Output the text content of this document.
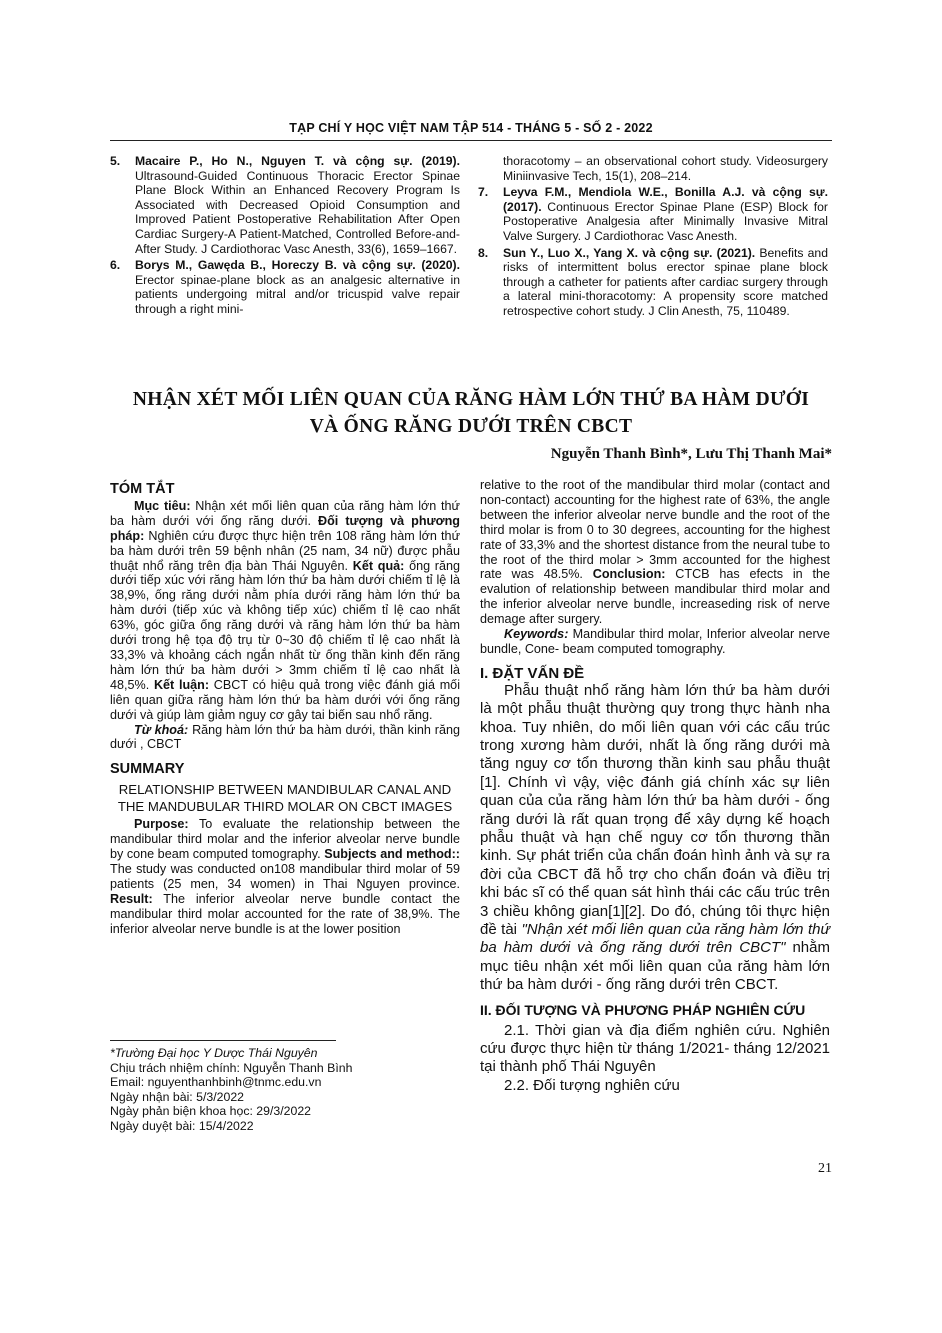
TẠP CHÍ Y HỌC VIỆT NAM TẬP 514 - THÁNG 5 - SỐ 2 - 2022
5.	Macaire P., Ho N., Nguyen T. và cộng sự. (2019). Ultrasound-Guided Continuous Thoracic Erector Spinae Plane Block Within an Enhanced Recovery Program Is Associated with Decreased Opioid Consumption and Improved Patient Postoperative Rehabilitation After Open Cardiac Surgery-A Patient-Matched, Controlled Before-and-After Study. J Cardiothorac Vasc Anesth, 33(6), 1659–1667.
6.	Borys M., Gawęda B., Horeczy B. và cộng sự. (2020). Erector spinae-plane block as an analgesic alternative in patients undergoing mitral and/or tricuspid valve repair through a right mini-
thoracotomy – an observational cohort study. Videosurgery Miniinvasive Tech, 15(1), 208–214.
7.	Leyva F.M., Mendiola W.E., Bonilla A.J. và cộng sự. (2017). Continuous Erector Spinae Plane (ESP) Block for Postoperative Analgesia after Minimally Invasive Mitral Valve Surgery. J Cardiothorac Vasc Anesth.
8.	Sun Y., Luo X., Yang X. và cộng sự. (2021). Benefits and risks of intermittent bolus erector spinae plane block through a catheter for patients after cardiac surgery through a lateral mini-thoracotomy: A propensity score matched retrospective cohort study. J Clin Anesth, 75, 110489.
NHẬN XÉT MỐI LIÊN QUAN CỦA RĂNG HÀM LỚN THỨ BA HÀM DƯỚI
VÀ ỐNG RĂNG DƯỚI TRÊN CBCT
Nguyễn Thanh Bình*, Lưu Thị Thanh Mai*
TÓM TẮT

Mục tiêu: Nhận xét mối liên quan của răng hàm lớn thứ ba hàm dưới với ống răng dưới. Đối tượng và phương pháp: Nghiên cứu được thực hiện trên 108 răng hàm lớn thứ ba hàm dưới trên 59 bệnh nhân (25 nam, 34 nữ) được phẫu thuật nhổ răng trên địa bàn Thái Nguyên. Kết quả: ống răng dưới tiếp xúc với răng hàm lớn thứ ba hàm dưới chiếm tỉ lệ là 38,9%, ống răng dưới nằm phía dưới răng hàm lớn thứ ba hàm dưới (tiếp xúc và không tiếp xúc) chiếm tỉ lệ cao nhất 63%, góc giữa ống răng dưới và răng hàm lớn thứ ba hàm dưới trong hệ tọa độ trụ từ 0~30 độ chiếm tỉ lệ cao nhất là 33,3% và khoảng cách ngắn nhất từ ống thần kinh đến răng hàm lớn thứ ba hàm dưới > 3mm chiếm tỉ lệ cao nhất là 48,5%. Kết luận: CBCT có hiệu quả trong việc đánh giá mối liên quan giữa răng hàm lớn thứ ba hàm dưới với ống răng dưới và giúp làm giảm nguy cơ gây tai biến sau nhổ răng.

Từ khoá: Răng hàm lớn thứ ba hàm dưới, thần kinh răng dưới , CBCT

SUMMARY
RELATIONSHIP BETWEEN MANDIBULAR CANAL AND THE MANDUBULAR THIRD MOLAR ON CBCT IMAGES

Purpose: To evaluate the relationship between the mandibular third molar and the inferior alveolar nerve bundle by cone beam computed tomography. Subjects and method:: The study was conducted on108 mandibular third molar of 59 patients (25 men, 34 women) in Thai Nguyen province. Result: The inferior alveolar nerve bundle contact the mandibular third molar accounted for the rate of 38,9%. The inferior alveolar nerve bundle is at the lower position

*Trường Đại học Y Dược Thái Nguyên
Chịu trách nhiệm chính: Nguyễn Thanh Bình
Email: nguyenthanhbinh@tnmc.edu.vn
Ngày nhận bài: 5/3/2022
Ngày phản biện khoa học: 29/3/2022
Ngày duyệt bài: 15/4/2022

relative to the root of the mandibular third molar (contact and non-contact) accounting for the highest rate of 63%, the angle between the inferior alveolar nerve bundle and the root of the third molar is from 0 to 30 degrees, accounting for the highest rate of 33,3% and the shortest distance from the neural tube to the root of the third molar > 3mm accounted for the highest rate was 48.5%. Conclusion: CTCB has efects in the evalution of relationship between mandibular third molar and the inferior alveolar nerve bundle, increaseding risk of nerve demage after surgery.

Keywords: Mandibular third molar, Inferior alveolar nerve bundle, Cone- beam computed tomography.

I. ĐẶT VẤN ĐỀ

Phẫu thuật nhổ răng hàm lớn thứ ba hàm dưới là một phẫu thuật thường quy trong thực hành nha khoa. Tuy nhiên, do mối liên quan với các cấu trúc trong xương hàm dưới, nhất là ống răng dưới mà tăng nguy cơ tổn thương thần kinh sau phẫu thuật [1]. Chính vì vậy, việc đánh giá chính xác sự liên quan của của răng hàm lớn thứ ba hàm dưới - ống răng dưới là rất quan trọng để xây dựng kế hoạch phẫu thuật và hạn chế nguy cơ tổn thương thần kinh. Sự phát triển của chẩn đoán hình ảnh và sự ra đời của CBCT đã hỗ trợ cho chẩn đoán và điều trị khi bác sĩ có thể quan sát hình thái các cấu trúc trên 3 chiều không gian[1][2]. Do đó, chúng tôi thực hiện đề tài "Nhận xét mối liên quan của răng hàm lớn thứ ba hàm dưới và ống răng dưới trên CBCT" nhằm mục tiêu nhận xét mối liên quan của răng hàm lớn thứ ba hàm dưới - ống răng dưới trên CBCT.

II. ĐỐI TƯỢNG VÀ PHƯƠNG PHÁP NGHIÊN CỨU

2.1. Thời gian và địa điểm nghiên cứu. Nghiên cứu được thực hiện từ tháng 1/2021- tháng 12/2021 tại thành phố Thái Nguyên

2.2. Đối tượng nghiên cứu

21
